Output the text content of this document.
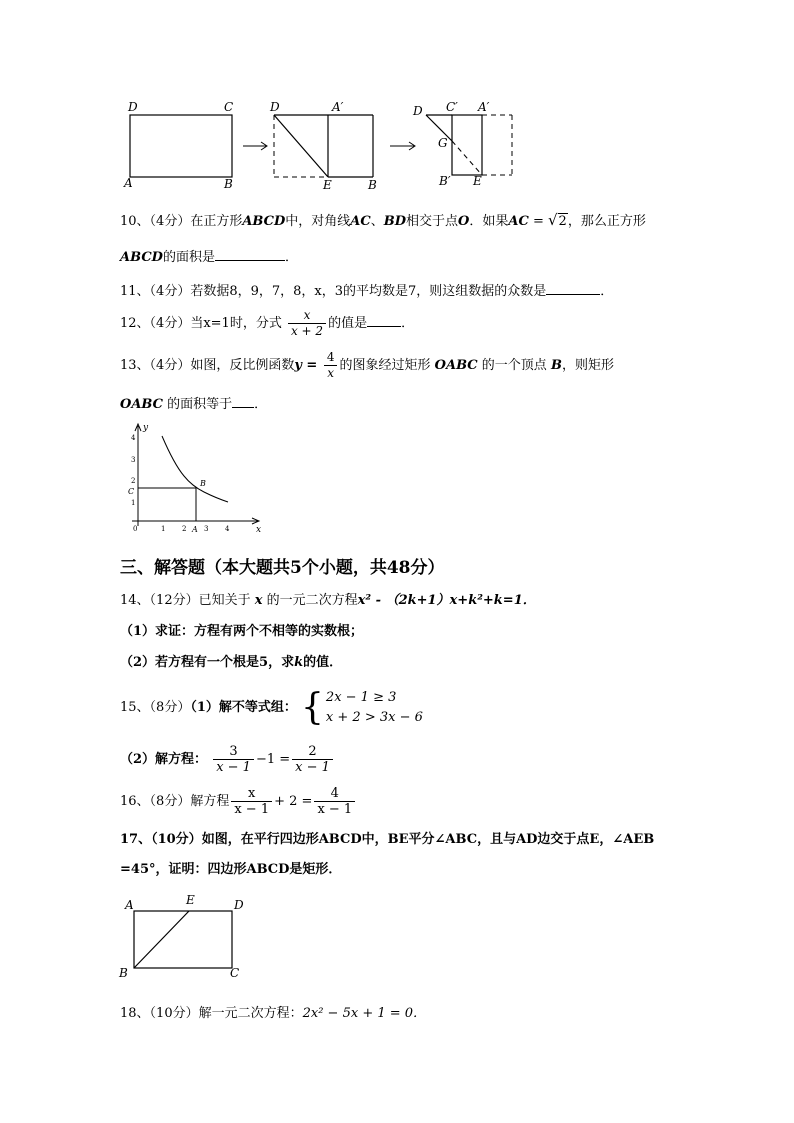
D	C
A	B
D	A′
E	B
D C′ A′
G
B′ E
10、（4分）在正方形ABCD中，对角线AC、BD相交于点O．如果AC = √2，那么正方形
ABCD的面积是	．
11、（4分）若数据8，9，7，8，x，3的平均数是7，则这组数据的众数是	．
12、（4分）当x=1时，分式 $\frac{x}{x + 2}$ 的值是	．
13、（4分）如图，反比例函数$y = \frac{4}{x}$ 的图象经过矩形 OABC 的一个顶点 B，则矩形
OABC 的面积等于 ．
y
x
4
3
2
1
1 2	3 4
0	A
B
C
三、解答题（本大题共5个小题，共48分）
14、（12分）已知关于 x 的一元二次方程x² - （2k+1）x+k²+k=1．
（1）求证：方程有两个不相等的实数根；
（2）若方程有一个根是5，求k的值．
15、（8分）（1）解不等式组： { 2x − 1 ≥ 3
x + 2 > 3x − 6
（2）解方程： $\frac{3}{x - 1} -1 = \frac{2}{x - 1}$
16、（8分）解方程 $\frac{x}{x - 1} + 2 = \frac{4}{x - 1}$
17、（10分）如图，在平行四边形ABCD中，BE平分∠ABC，且与AD边交于点E，∠AEB
=45°，证明：四边形ABCD是矩形．
A	E	D
B	C
18、（10分）解一元二次方程：2x² − 5x + 1 = 0．
